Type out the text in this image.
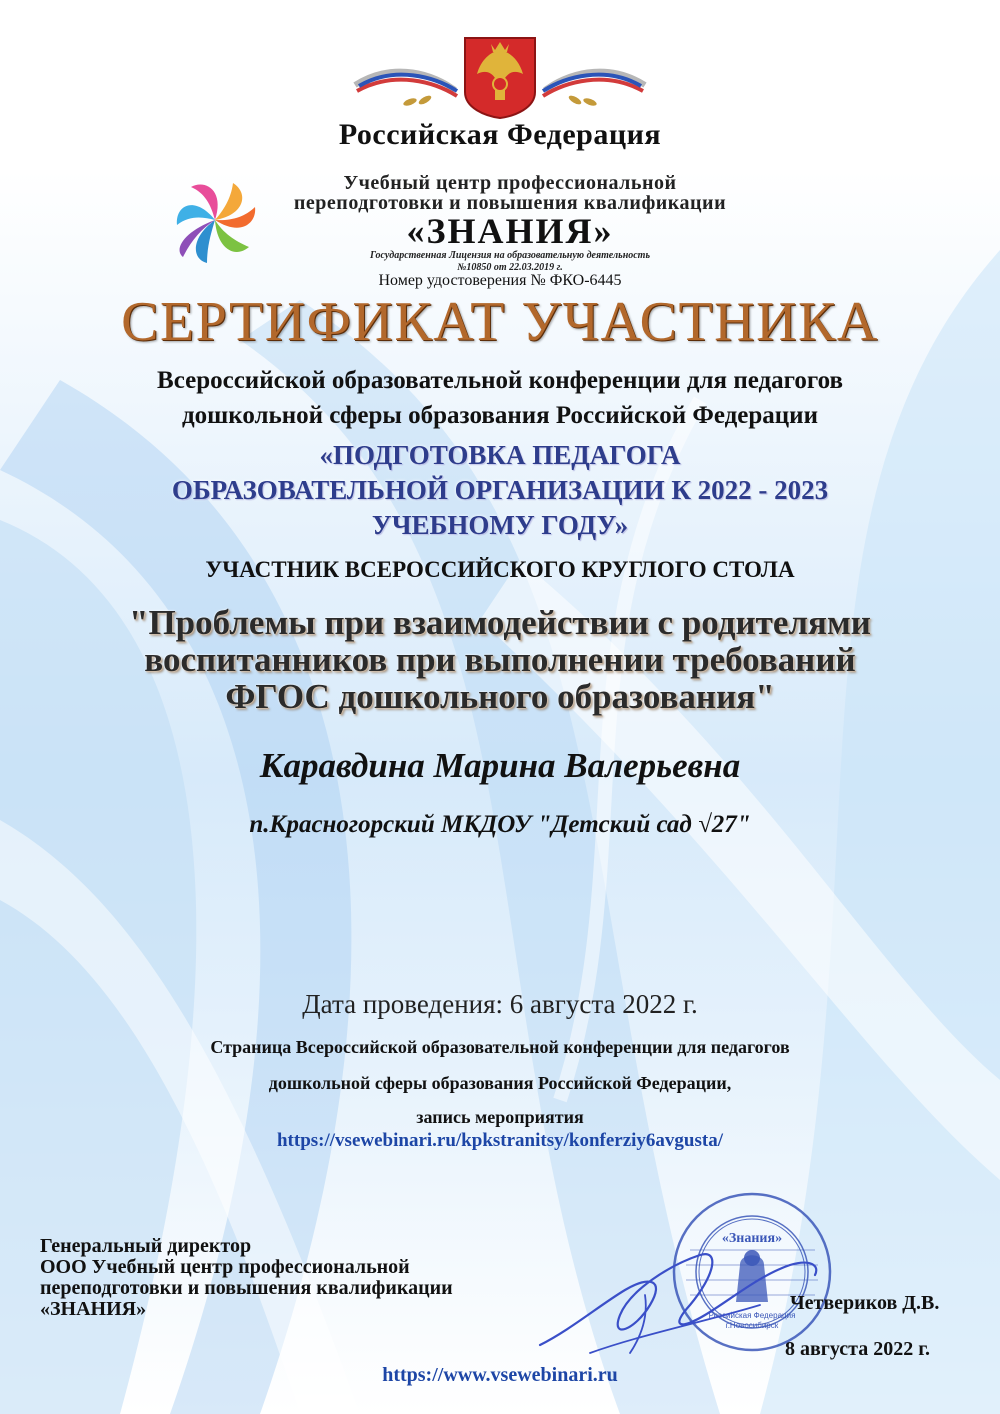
Российская Федерация
Учебный центр профессиональной
переподготовки и повышения квалификации
«ЗНАНИЯ»
Государственная Лицензия на образовательную деятельность
№10850 от 22.03.2019 г.
Номер удостоверения № ФКО-6445
СЕРТИФИКАТ УЧАСТНИКА
Всероссийской образовательной конференции для педагогов
дошкольной сферы образования Российской Федерации
«ПОДГОТОВКА ПЕДАГОГА
ОБРАЗОВАТЕЛЬНОЙ ОРГАНИЗАЦИИ К 2022 - 2023
УЧЕБНОМУ ГОДУ»
УЧАСТНИК ВСЕРОССИЙСКОГО КРУГЛОГО СТОЛА
"Проблемы при взаимодействии с родителями
воспитанников при выполнении требований
ФГОС дошкольного образования"
Каравдина Марина Валерьевна
п.Красногорский МКДОУ "Детский сад √27"
Дата проведения: 6 августа 2022 г.
Страница Всероссийской образовательной конференции для педагогов
дошкольной сферы образования Российской Федерации,
запись мероприятия
https://vsewebinari.ru/kpkstranitsy/konferziy6avgusta/
Генеральный директор
ООО Учебный центр профессиональной
переподготовки и повышения квалификации
«ЗНАНИЯ»
«Знания»
Российская Федерация
г.Новосибирск
Четвериков Д.В.
8 августа 2022 г.
https://www.vsewebinari.ru
